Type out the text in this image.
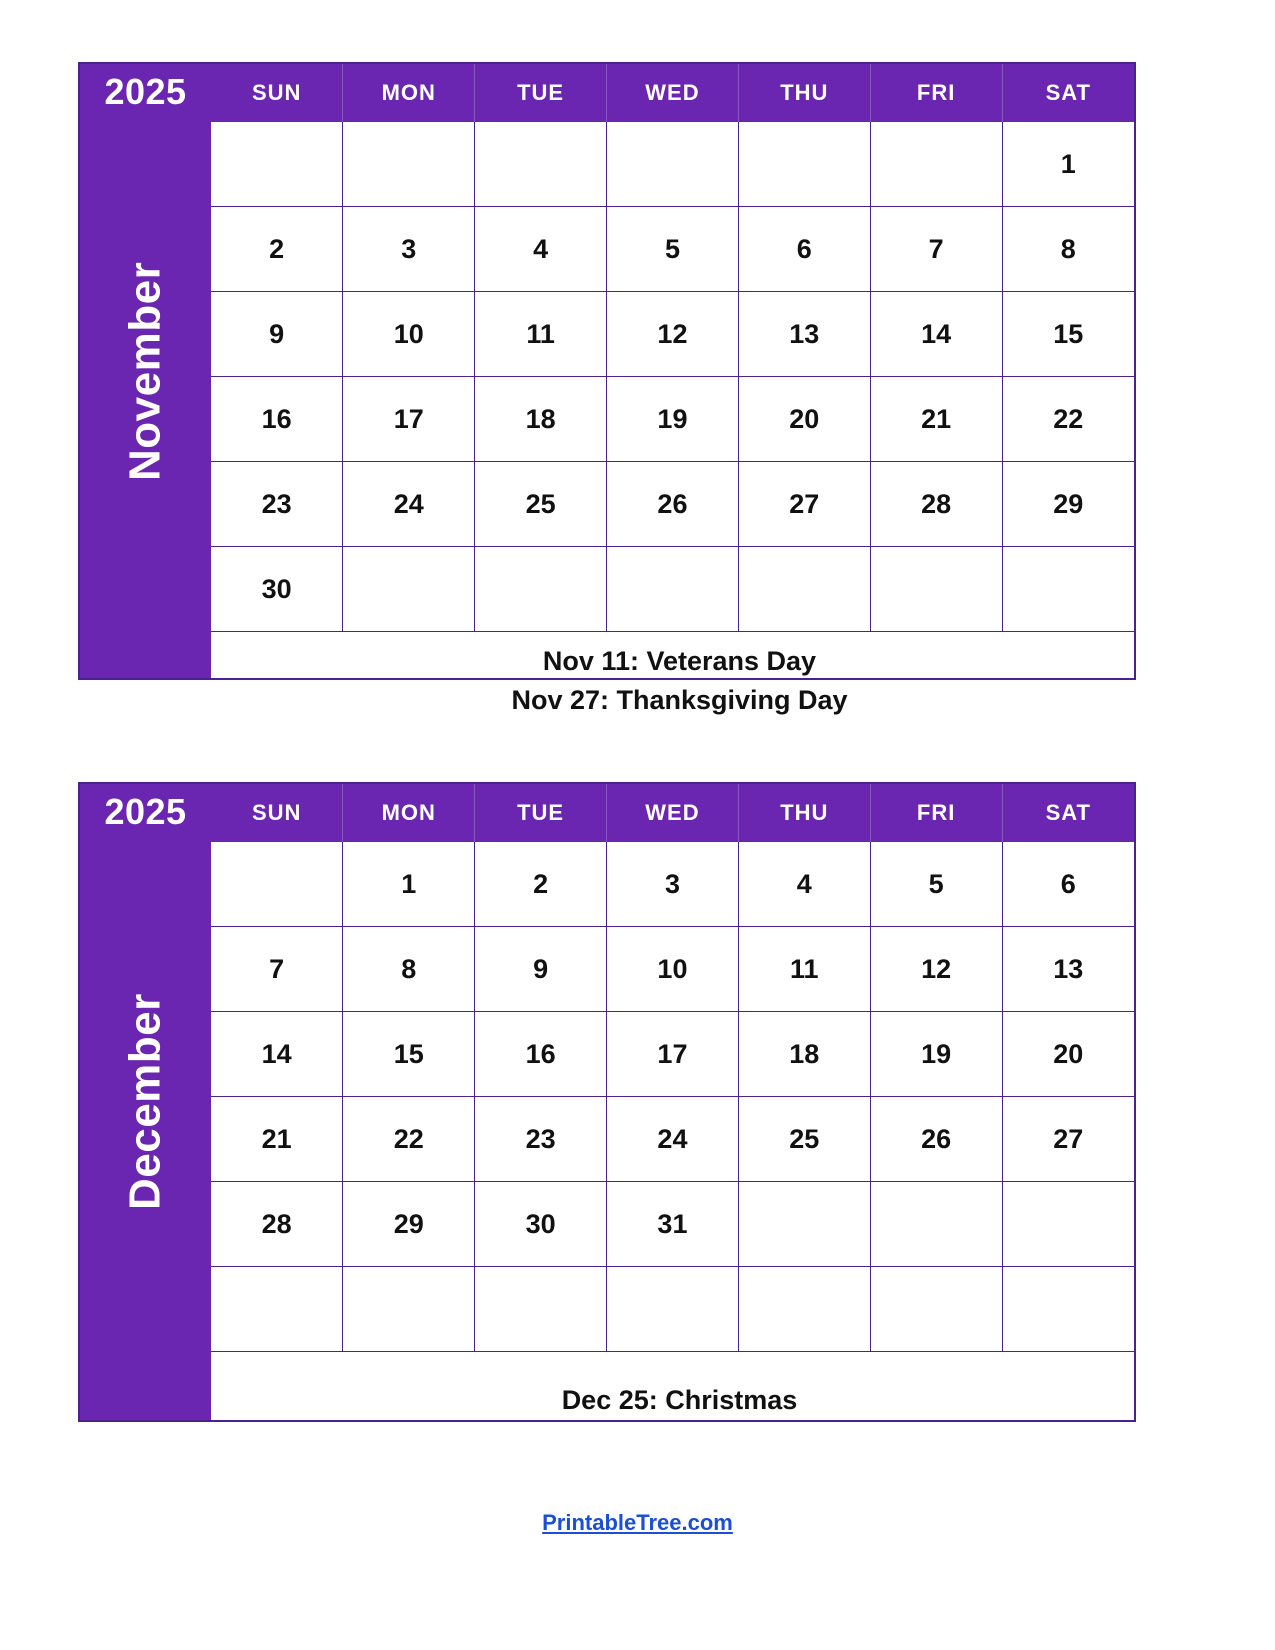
November
2025	SUN	MON	TUE	WED	THU	FRI	SAT
						1
2	3	4	5	6	7	8
9	10	11	12	13	14	15
16	17	18	19	20	21	22
23	24	25	26	27	28	29
30						

Nov 11: Veterans Day
Nov 27: Thanksgiving Day						
December
2025	SUN	MON	TUE	WED	THU	FRI	SAT
	1	2	3	4	5	6
7	8	9	10	11	12	13
14	15	16	17	18	19	20
21	22	23	24	25	26	27
28	29	30	31			

Dec 25: Christmas						
PrintableTree.com
